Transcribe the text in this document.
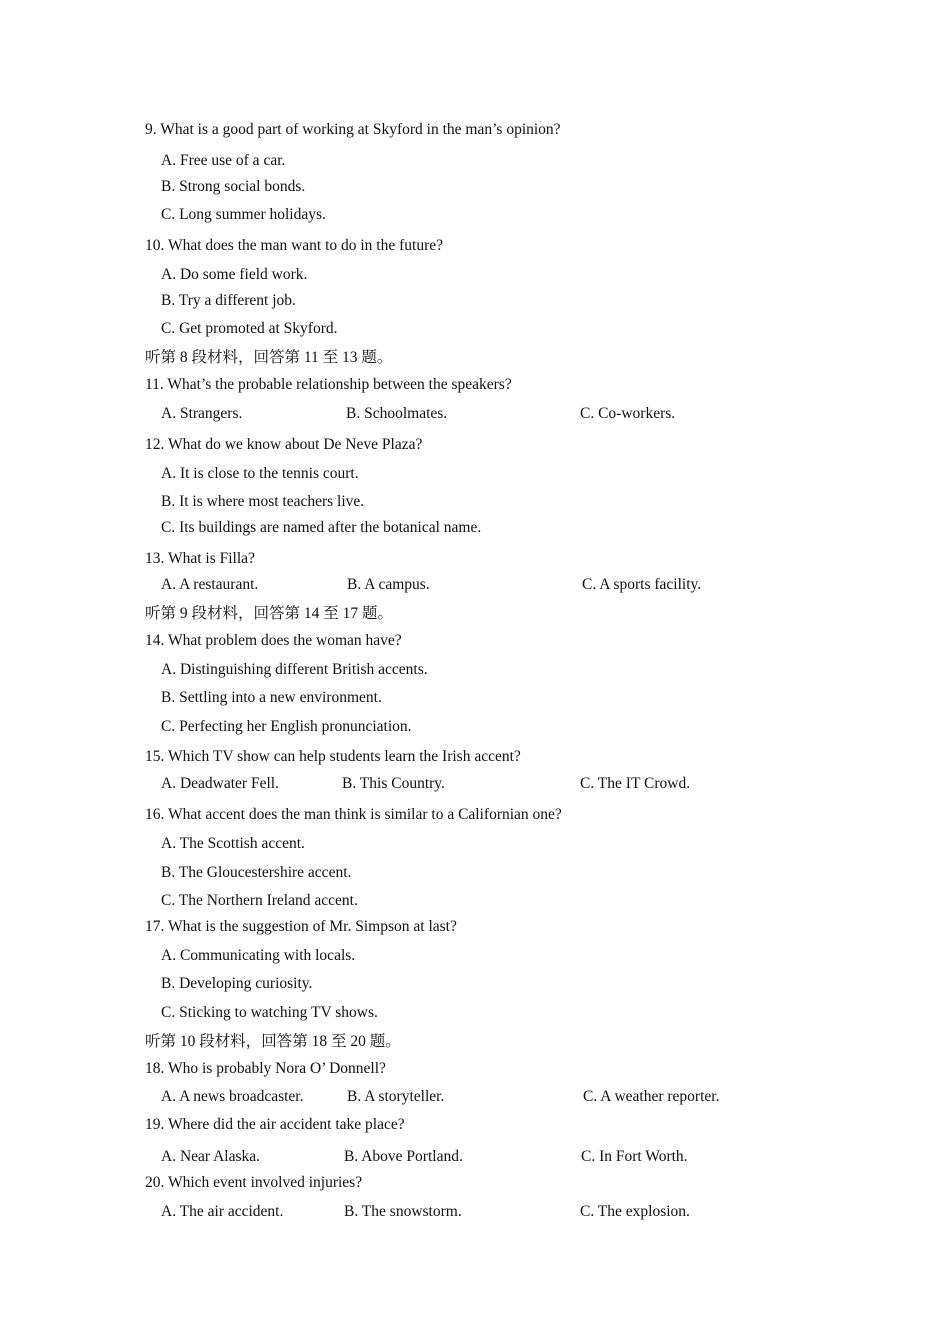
9. What is a good part of working at Skyford in the man’s opinion?
A. Free use of a car.
B. Strong social bonds.
C. Long summer holidays.
10. What does the man want to do in the future?
A. Do some field work.
B. Try a different job.
C. Get promoted at Skyford.
听第 8 段材料，回答第 11 至 13 题。
11. What’s the probable relationship between the speakers?
A. Strangers.	B. Schoolmates.	C. Co-workers.
12. What do we know about De Neve Plaza?
A. It is close to the tennis court.
B. It is where most teachers live.
C. Its buildings are named after the botanical name.
13. What is Filla?
A. A restaurant.	B. A campus.	C. A sports facility.
听第 9 段材料，回答第 14 至 17 题。
14. What problem does the woman have?
A. Distinguishing different British accents.
B. Settling into a new environment.
C. Perfecting her English pronunciation.
15. Which TV show can help students learn the Irish accent?
A. Deadwater Fell.	B. This Country.	C. The IT Crowd.
16. What accent does the man think is similar to a Californian one?
A. The Scottish accent.
B. The Gloucestershire accent.
C. The Northern Ireland accent.
17. What is the suggestion of Mr. Simpson at last?
A. Communicating with locals.
B. Developing curiosity.
C. Sticking to watching TV shows.
听第 10 段材料，回答第 18 至 20 题。
18. Who is probably Nora O’ Donnell?
A. A news broadcaster.	B. A storyteller.	C. A weather reporter.
19. Where did the air accident take place?
A. Near Alaska.	B. Above Portland.	C. In Fort Worth.
20. Which event involved injuries?
A. The air accident.	B. The snowstorm.	C. The explosion.
